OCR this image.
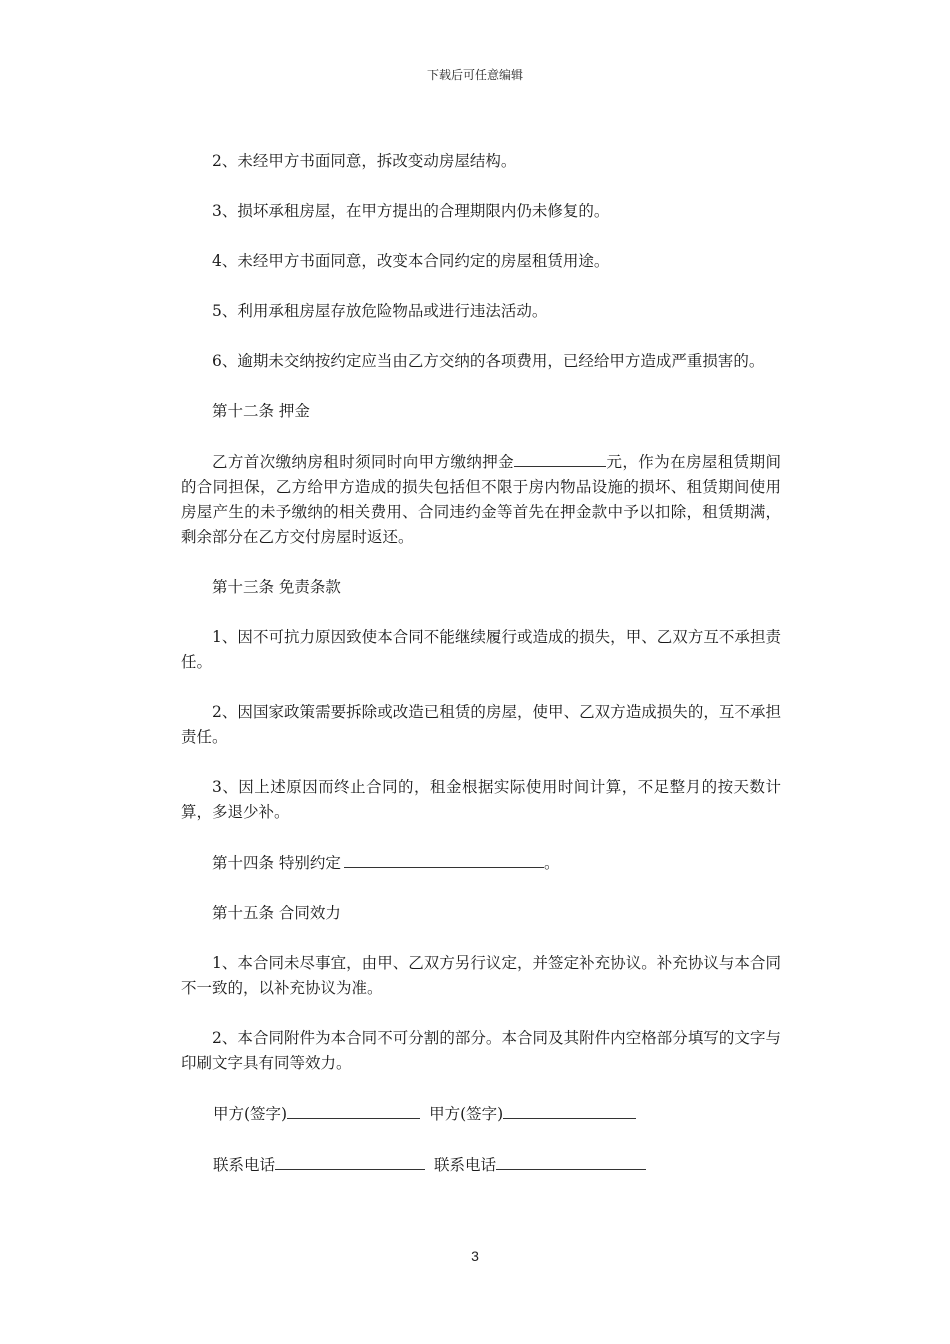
下载后可任意编辑

2、未经甲方书面同意，拆改变动房屋结构。

3、损坏承租房屋，在甲方提出的合理期限内仍未修复的。

4、未经甲方书面同意，改变本合同约定的房屋租赁用途。

5、利用承租房屋存放危险物品或进行违法活动。

6、逾期未交纳按约定应当由乙方交纳的各项费用，已经给甲方造成严重损害的。

第十二条 押金

乙方首次缴纳房租时须同时向甲方缴纳押金	元，作为在房屋租赁期间的合同担保，乙方给甲方造成的损失包括但不限于房内物品设施的损坏、租赁期间使用房屋产生的未予缴纳的相关费用、合同违约金等首先在押金款中予以扣除，租赁期满，剩余部分在乙方交付房屋时返还。

第十三条 免责条款

1、因不可抗力原因致使本合同不能继续履行或造成的损失，甲、乙双方互不承担责任。

2、因国家政策需要拆除或改造已租赁的房屋，使甲、乙双方造成损失的，互不承担责任。

3、因上述原因而终止合同的，租金根据实际使用时间计算，不足整月的按天数计算，多退少补。

第十四条 特别约定	。

第十五条 合同效力

1、本合同未尽事宜，由甲、乙双方另行议定，并签定补充协议。补充协议与本合同不一致的，以补充协议为准。

2、本合同附件为本合同不可分割的部分。本合同及其附件内空格部分填写的文字与印刷文字具有同等效力。

甲方(签字)	甲方(签字)
联系电话	联系电话
3
